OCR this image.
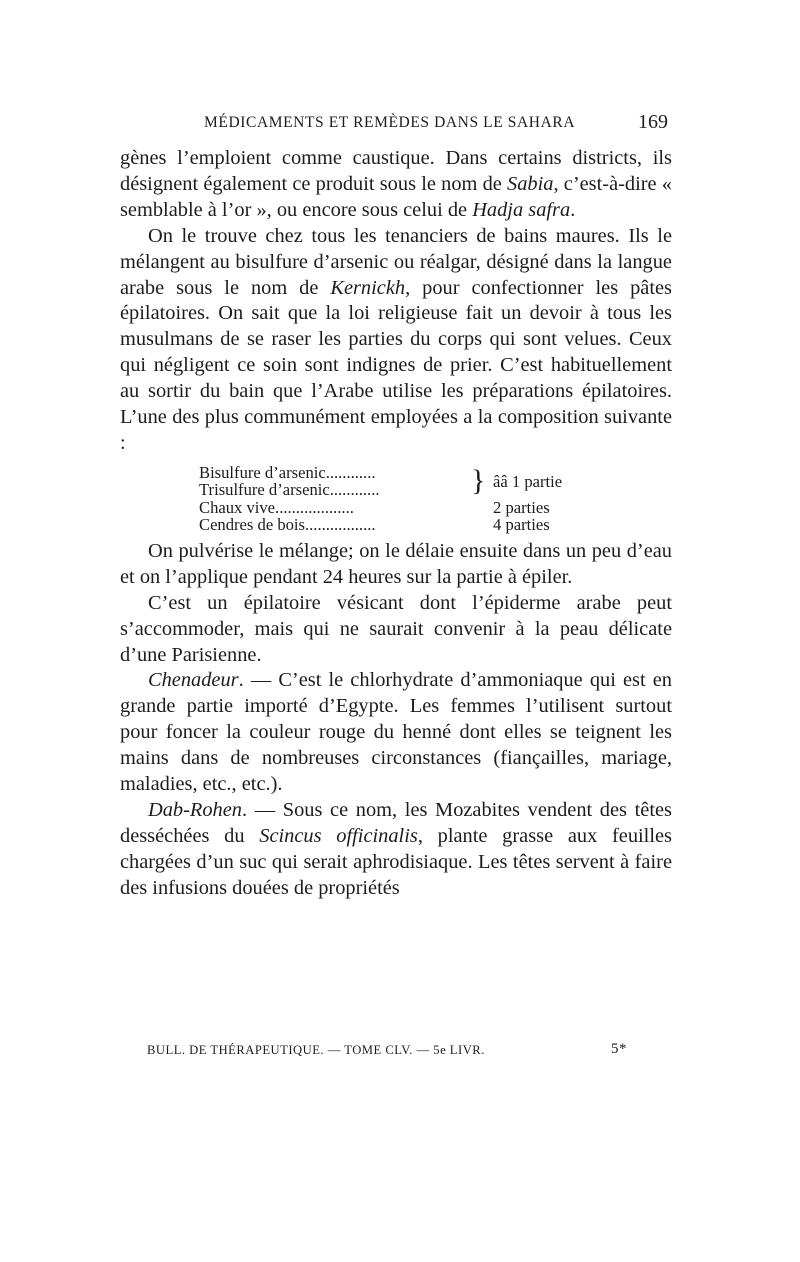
MÉDICAMENTS ET REMÈDES DANS LE SAHARA	169

gènes l’emploient comme caustique. Dans certains districts, ils désignent également ce produit sous le nom de Sabia, c’est-à-dire « semblable à l’or », ou encore sous celui de Hadja safra.

On le trouve chez tous les tenanciers de bains maures. Ils le mélangent au bisulfure d’arsenic ou réalgar, désigné dans la langue arabe sous le nom de Kernickh, pour confectionner les pâtes épilatoires. On sait que la loi religieuse fait un devoir à tous les musulmans de se raser les parties du corps qui sont velues. Ceux qui négligent ce soin sont indignes de prier. C’est habituellement au sortir du bain que l’Arabe utilise les préparations épilatoires. L’une des plus communément employées a la composition suivante :

Bisulfure d’arsenic............	}	ââ 1 partie
Trisulfure d’arsenic............		
Chaux vive...................		2 parties
Cendres de bois.................		4 parties

On pulvérise le mélange; on le délaie ensuite dans un peu d’eau et on l’applique pendant 24 heures sur la partie à épiler.

C’est un épilatoire vésicant dont l’épiderme arabe peut s’accommoder, mais qui ne saurait convenir à la peau délicate d’une Parisienne.

Chenadeur. — C’est le chlorhydrate d’ammoniaque qui est en grande partie importé d’Egypte. Les femmes l’utilisent surtout pour foncer la couleur rouge du henné dont elles se teignent les mains dans de nombreuses circonstances (fiançailles, mariage, maladies, etc., etc.).

Dab-Rohen. — Sous ce nom, les Mozabites vendent des têtes desséchées du Scincus officinalis, plante grasse aux feuilles chargées d’un suc qui serait aphrodisiaque. Les têtes servent à faire des infusions douées de propriétés

BULL. DE THÉRAPEUTIQUE. — TOME CLV. — 5e LIVR.	5*
